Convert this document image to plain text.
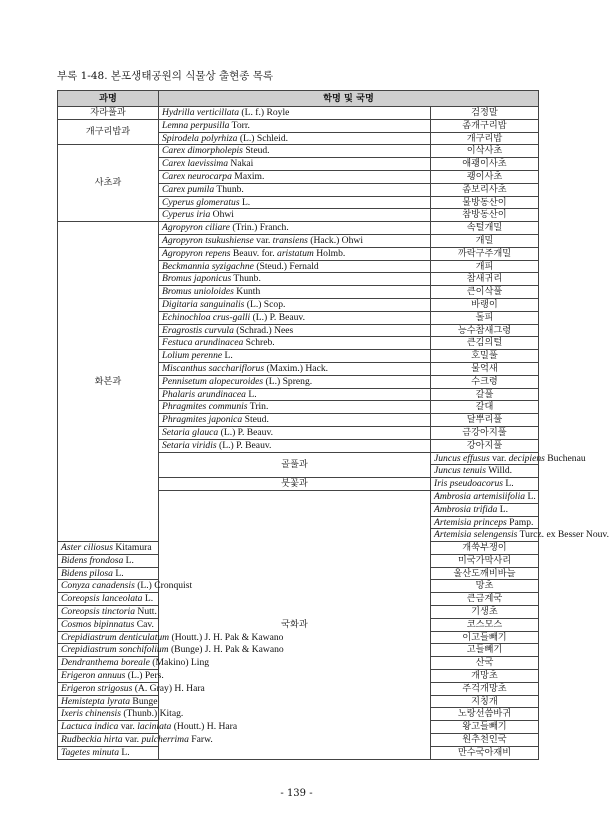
부록 1-48. 본포생태공원의 식물상 출현종 목록
과명	학명 및 국명		
자라풀과	Hydrilla verticillata (L. f.) Royle	검정말	
개구리밥과	Lemna perpusilla Torr.	좀개구리밥	
	Spirodela polyrhiza (L.) Schleid.	개구리밥	
사초과	Carex dimorpholepis Steud.	이삭사초	
	Carex laevissima Nakai	애괭이사초	
	Carex neurocarpa Maxim.	괭이사초	
	Carex pumila Thunb.	좀보리사초	
	Cyperus glomeratus L.	물방동산이	
	Cyperus iria Ohwi	참방동산이	
화본과	Agropyron ciliare (Trin.) Franch.	속털개밀	
	Agropyron tsukushiense var. transiens (Hack.) Ohwi	개밀	
	Agropyron repens Beauv. for. aristatum Holmb.	까락구주개밀	
	Beckmannia syzigachne (Steud.) Fernald	개피	
	Bromus japonicus Thunb.	참새귀리	
	Bromus unioloides Kunth	큰이삭풀	
	Digitaria sanguinalis (L.) Scop.	바랭이	
	Echinochloa crus-galli (L.) P. Beauv.	돌피	
	Eragrostis curvula (Schrad.) Nees	능수참새그령	
	Festuca arundinacea Schreb.	큰김의털	
	Lolium perenne L.	호밀풀	
	Miscanthus sacchariflorus (Maxim.) Hack.	물억새	
	Pennisetum alopecuroides (L.) Spreng.	수크령	
	Phalaris arundinacea L.	갈풀	
	Phragmites communis Trin.	갈대	
	Phragmites japonica Steud.	달뿌리풀	
	Setaria glauca (L.) P. Beauv.	금강아지풀	
	Setaria viridis (L.) P. Beauv.	강아지풀	
	골풀과	Juncus effusus var. decipiens Buchenau	
		Juncus tenuis Willd.	
	붓꽃과	Iris pseudoacorus L.	
	국화과	Ambrosia artemisiifolia L.	
		Ambrosia trifida L.	
		Artemisia princeps Pamp.	
		Artemisia selengensis Turcz. ex Besser Nouv.	
Aster ciliosus Kitamura		개쑥부쟁이	
Bidens frondosa L.		미국가막사리	
Bidens pilosa L.		울산도깨비바늘	
Conyza canadensis (L.) Cronquist		망초	
Coreopsis lanceolata L.		큰금계국	
Coreopsis tinctoria Nutt.		기생초	
Cosmos bipinnatus Cav.		코스모스	
Crepidiastrum denticulatum (Houtt.) J. H. Pak & Kawano		이고들빼기	
Crepidiastrum sonchifolium (Bunge) J. H. Pak & Kawano		고들빼기	
Dendranthema boreale (Makino) Ling		산국	
Erigeron annuus (L.) Pers.		개망초	
Erigeron strigosus (A. Gray) H. Hara		주걱개망초	
Hemistepta lyrata Bunge		지칭개	
Ixeris chinensis (Thunb.) Kitag.		노랑선씀바귀	
Lactuca indica var. laciniata (Houtt.) H. Hara		왕고들빼기	
Rudbeckia hirta var. pulcherrima Farw.		원추천인국	
Tagetes minuta L.		만수국아재비	
- 139 -
